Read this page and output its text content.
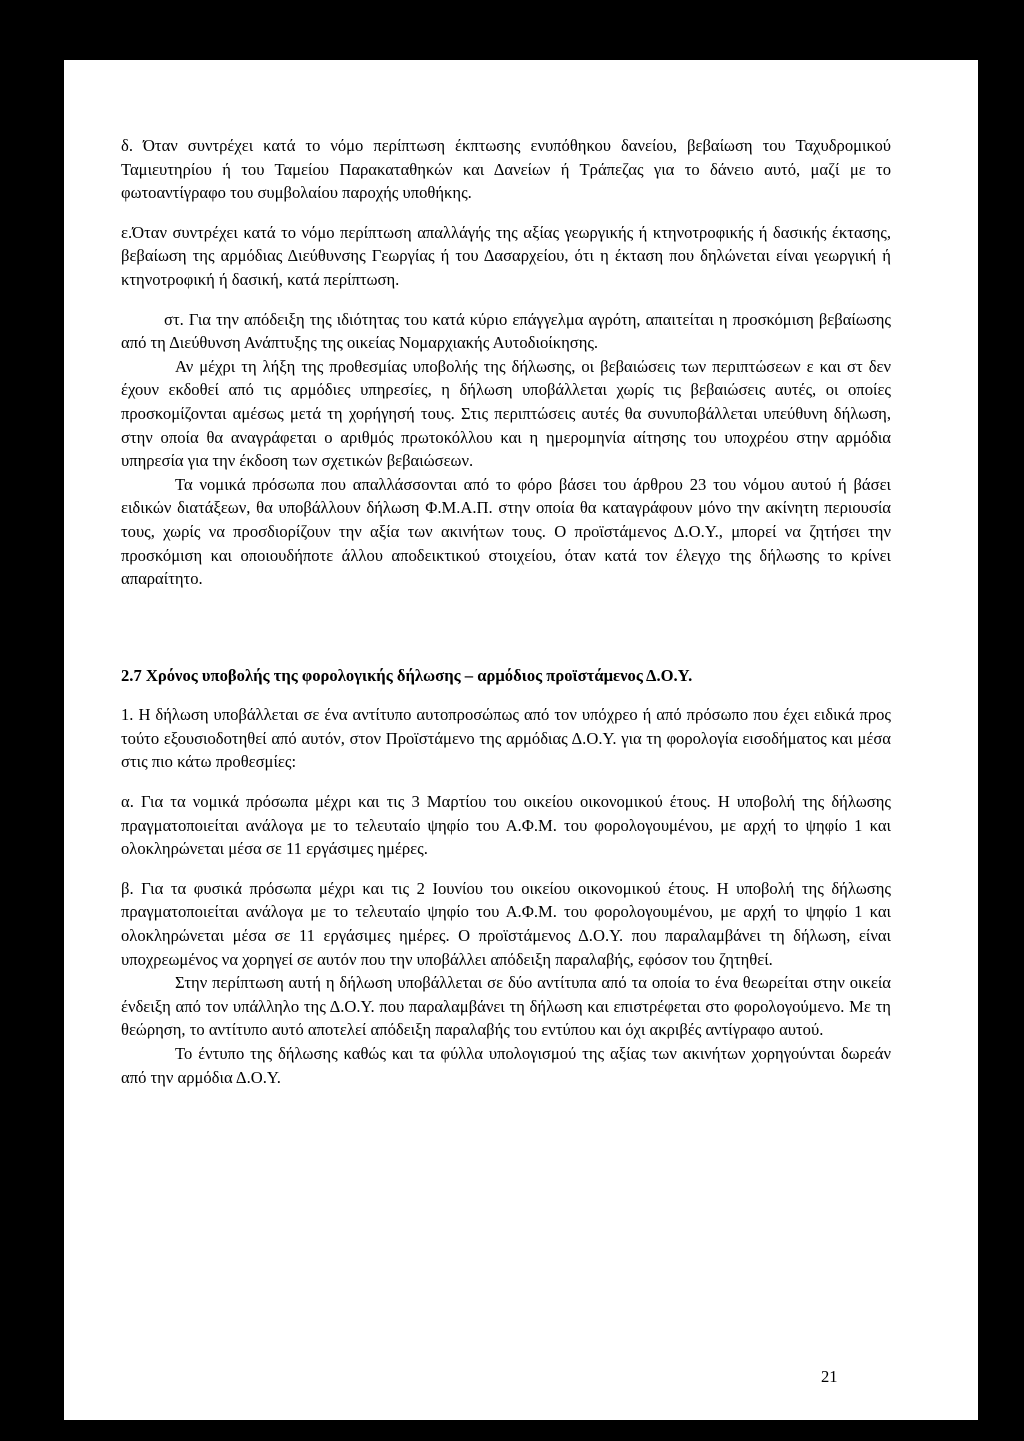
δ. Όταν συντρέχει κατά το νόμο περίπτωση έκπτωσης ενυπόθηκου δανείου, βεβαίωση του Ταχυδρομικού Ταμιευτηρίου ή του Ταμείου Παρακαταθηκών και Δανείων ή Τράπεζας για το δάνειο αυτό, μαζί με το φωτοαντίγραφο του συμβολαίου παροχής υποθήκης.

ε.Όταν συντρέχει κατά το νόμο περίπτωση απαλλάγής της αξίας γεωργικής ή κτηνοτροφικής ή δασικής έκτασης, βεβαίωση της αρμόδιας Διεύθυνσης Γεωργίας ή του Δασαρχείου, ότι η έκταση που δηλώνεται είναι γεωργική ή κτηνοτροφική ή δασική, κατά περίπτωση.

στ. Για την απόδειξη της ιδιότητας του κατά κύριο επάγγελμα αγρότη, απαιτείται η προσκόμιση βεβαίωσης από τη Διεύθυνση Ανάπτυξης της οικείας Νομαρχιακής Αυτοδιοίκησης.

Αν μέχρι τη λήξη της προθεσμίας υποβολής της δήλωσης, οι βεβαιώσεις των περιπτώσεων ε και στ δεν έχουν εκδοθεί από τις αρμόδιες υπηρεσίες, η δήλωση υποβάλλεται χωρίς τις βεβαιώσεις αυτές, οι οποίες προσκομίζονται αμέσως μετά τη χορήγησή τους. Στις περιπτώσεις αυτές θα συνυποβάλλεται υπεύθυνη δήλωση, στην οποία θα αναγράφεται ο αριθμός πρωτοκόλλου και η ημερομηνία αίτησης του υποχρέου στην αρμόδια υπηρεσία για την έκδοση των σχετικών βεβαιώσεων.

Τα νομικά πρόσωπα που απαλλάσσονται από το φόρο βάσει του άρθρου 23 του νόμου αυτού ή βάσει ειδικών διατάξεων, θα υποβάλλουν δήλωση Φ.Μ.Α.Π. στην οποία θα καταγράφουν μόνο την ακίνητη περιουσία τους, χωρίς να προσδιορίζουν την αξία των ακινήτων τους. Ο προϊστάμενος Δ.Ο.Υ., μπορεί να ζητήσει την προσκόμιση και οποιουδήποτε άλλου αποδεικτικού στοιχείου, όταν κατά τον έλεγχο της δήλωσης το κρίνει απαραίτητο.

2.7 Χρόνος υποβολής της φορολογικής δήλωσης – αρμόδιος προϊστάμενος Δ.Ο.Υ.

1. Η δήλωση υποβάλλεται σε ένα αντίτυπο αυτοπροσώπως από τον υπόχρεο ή από πρόσωπο που έχει ειδικά προς τούτο εξουσιοδοτηθεί από αυτόν, στον Προϊστάμενο της αρμόδιας Δ.Ο.Υ. για τη φορολογία εισοδήματος και μέσα στις πιο κάτω προθεσμίες:

α. Για τα νομικά πρόσωπα μέχρι και τις 3 Μαρτίου του οικείου οικονομικού έτους. Η υποβολή της δήλωσης πραγματοποιείται ανάλογα με το τελευταίο ψηφίο του Α.Φ.Μ. του φορολογουμένου, με αρχή το ψηφίο 1 και ολοκληρώνεται μέσα σε 11 εργάσιμες ημέρες.

β. Για τα φυσικά πρόσωπα μέχρι και τις 2 Ιουνίου του οικείου οικονομικού έτους. Η υποβολή της δήλωσης πραγματοποιείται ανάλογα με το τελευταίο ψηφίο του Α.Φ.Μ. του φορολογουμένου, με αρχή το ψηφίο 1 και ολοκληρώνεται μέσα σε 11 εργάσιμες ημέρες. Ο προϊστάμενος Δ.Ο.Υ. που παραλαμβάνει τη δήλωση, είναι υποχρεωμένος να χορηγεί σε αυτόν που την υποβάλλει απόδειξη παραλαβής, εφόσον του ζητηθεί.

Στην περίπτωση αυτή η δήλωση υποβάλλεται σε δύο αντίτυπα από τα οποία το ένα θεωρείται στην οικεία ένδειξη από τον υπάλληλο της Δ.Ο.Υ. που παραλαμβάνει τη δήλωση και επιστρέφεται στο φορολογούμενο. Με τη θεώρηση, το αντίτυπο αυτό αποτελεί απόδειξη παραλαβής του εντύπου και όχι ακριβές αντίγραφο αυτού.

Το έντυπο της δήλωσης καθώς και τα φύλλα υπολογισμού της αξίας των ακινήτων χορηγούνται δωρεάν από την αρμόδια Δ.Ο.Υ.

21
